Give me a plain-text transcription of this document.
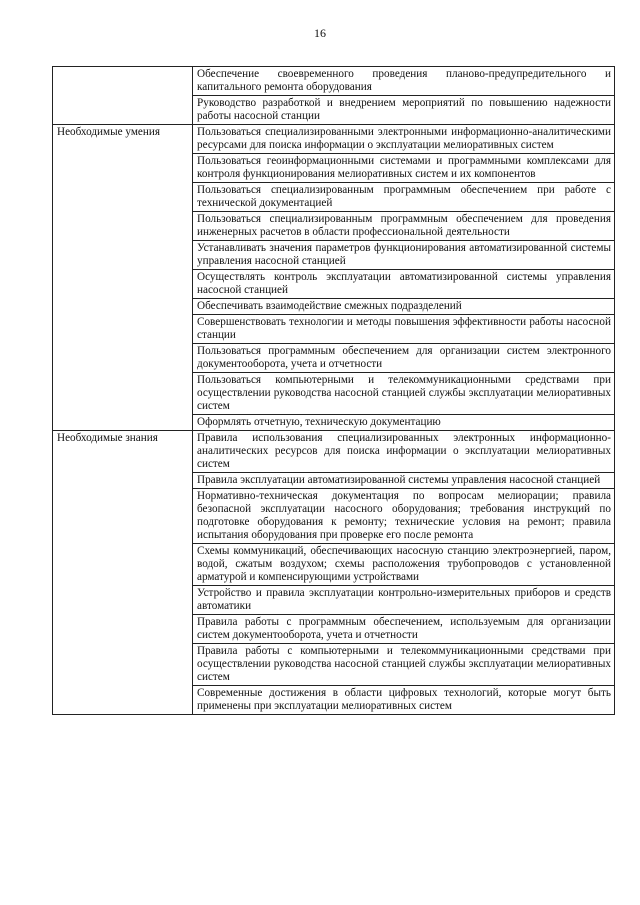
16
	Обеспечение своевременного проведения планово-предупредительного и капитального ремонта оборудования
	Руководство разработкой и внедрением мероприятий по повышению надежности работы насосной станции

Необходимые умения	Пользоваться специализированными электронными информационно-аналитическими ресурсами для поиска информации о эксплуатации мелиоративных систем
	Пользоваться геоинформационными системами и программными комплексами для контроля функционирования мелиоративных систем и их компонентов
	Пользоваться специализированным программным обеспечением при работе с технической документацией
	Пользоваться специализированным программным обеспечением для проведения инженерных расчетов в области профессиональной деятельности
	Устанавливать значения параметров функционирования автоматизированной системы управления насосной станцией
	Осуществлять контроль эксплуатации автоматизированной системы управления насосной станцией
	Обеспечивать взаимодействие смежных подразделений
	Совершенствовать технологии и методы повышения эффективности работы насосной станции
	Пользоваться программным обеспечением для организации систем электронного документооборота, учета и отчетности
	Пользоваться компьютерными и телекоммуникационными средствами при осуществлении руководства насосной станцией службы эксплуатации мелиоративных систем
	Оформлять отчетную, техническую документацию

Необходимые знания	Правила использования специализированных электронных информационно-аналитических ресурсов для поиска информации о эксплуатации мелиоративных систем
	Правила эксплуатации автоматизированной системы управления насосной станцией
	Нормативно-техническая документация по вопросам мелиорации; правила безопасной эксплуатации насосного оборудования; требования инструкций по подготовке оборудования к ремонту; технические условия на ремонт; правила испытания оборудования при проверке его после ремонта
	Схемы коммуникаций, обеспечивающих насосную станцию электроэнергией, паром, водой, сжатым воздухом; схемы расположения трубопроводов с установленной арматурой и компенсирующими устройствами
	Устройство и правила эксплуатации контрольно-измерительных приборов и средств автоматики
	Правила работы с программным обеспечением, используемым для организации систем документооборота, учета и отчетности
	Правила работы с компьютерными и телекоммуникационными средствами при осуществлении руководства насосной станцией службы эксплуатации мелиоративных систем
	Современные достижения в области цифровых технологий, которые могут быть применены при эксплуатации мелиоративных систем
